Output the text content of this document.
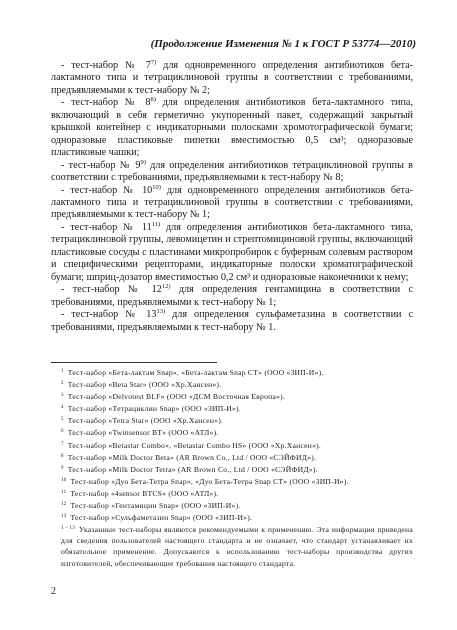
(Продолжение Изменения № 1 к ГОСТ Р 53774—2010)

- тест-набор № 7$^{7)}$ для одновременного определения антибиотиков бета-лактамного типа и тетрациклиновой группы в соответствии с требованиями, предъявляемыми к тест-набору № 2;

- тест-набор № 8$^{8)}$ для определения антибиотиков бета-лактамного типа, включающий в себя герметично укупоренный пакет, содержащий закрытый крышкой контейнер с индикаторными полосками хромотографической бумаги; одноразовые пластиковые пипетки вместимостью 0,5 см³; одноразовые пластиковые чашки;

- тест-набор № 9$^{9)}$ для определения антибиотиков тетрациклиновой группы в соответствии с требованиями, предъявляемыми к тест-набору № 8;

- тест-набор № 10$^{10)}$ для одновременного определения антибиотиков бета-лактамного типа и тетрациклиновой группы в соответствии с требованиями, предъявляемыми к тест-набору № 1;

- тест-набор № 11$^{11)}$ для определения антибиотиков бета-лактамного типа, тетрациклиновой группы, левомицетин и стрептомициновой группы, включающий пластиковые сосуды с пластинами микропробирок с буферным солевым раствором и специфическими рецепторами, индикаторные полоски хроматографической бумаги; шприц-дозатор вместимостью 0,2 см³ и одноразовые наконечники к нему;

- тест-набор № 12$^{12)}$ для определения гентамицина в соответствии с требованиями, предъявляемыми к тест-набору № 1;

- тест-набор № 13$^{13)}$ для определения сульфаметазина в соответствии с требованиями, предъявляемыми к тест-набору № 1.

1 Тест-набор «Бета-лактам Snap», «Бета-лактам Snap CT» (ООО «ЗИП-И»).

2 Тест-набор «Beta Star» (ООО «Хр.Хансен»).

3 Тест-набор «Delvotest BLF» (ООО «ДСМ Восточная Европа»).

4 Тест-набор «Тетрациклин Snap» (ООО «ЗИП-И»).

5 Тест-набор «Tetra Star» (ООО «Хр.Хансен»).

6 Тест-набор «Twinsensor BT» (ООО «АТЛ»).

7 Тест-набор «Betastar Combo», «Betastar Combo HS» (ООО «Хр.Хансен»).

8 Тест-набор «Milk Doctor Beta» (AR Brown Co., Ltd / ООО «СЭЙФИД»).

9 Тест-набор «Milk Doctor Tetra» (AR Brown Co., Ltd / ООО «СЭЙФИД»).

10 Тест-набор «Дуо Бета-Тетра Snap», «Дуо Бета-Тетра Snap CT» (ООО «ЗИП-И»).

11 Тест-набор «4sensor BTCS» (ООО «АТЛ»).

12 Тест-набор «Гентамицин Snap» (ООО «ЗИП-И»).

13 Тест-набор «Сульфаметазин Snap» (ООО «ЗИП-И»).

1 – 13 Указанные тест-наборы являются рекомендуемыми к применению. Эта информация приведена для сведения пользователей настоящего стандарта и не означает, что стандарт устанавливает их обязательное применение. Допускаются к использованию тест-наборы производства других изготовителей, обеспечивающие требования настоящего стандарта.

2
